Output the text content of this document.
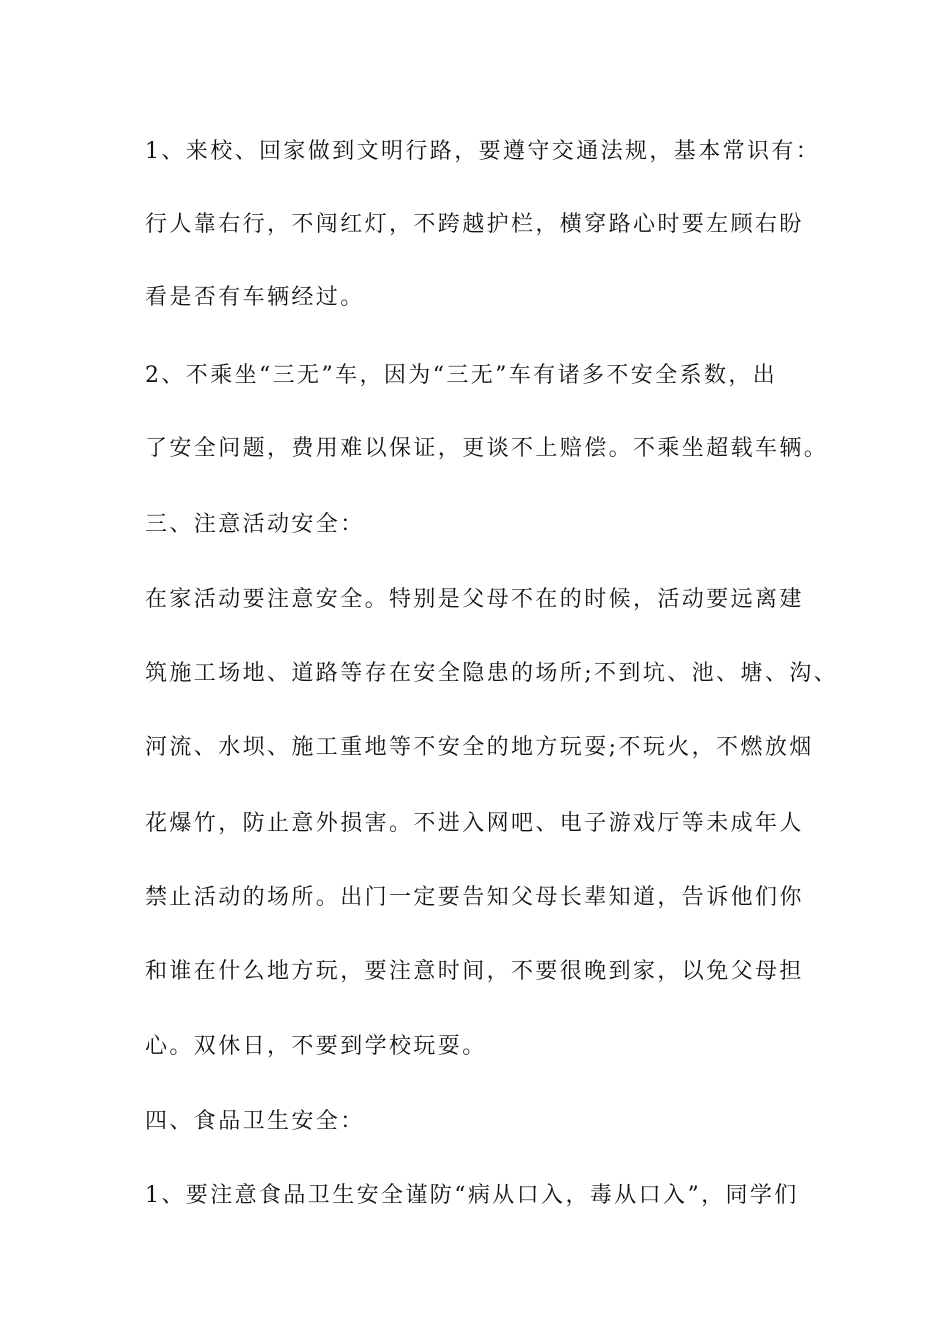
1、来校、回家做到文明行路，要遵守交通法规，基本常识有：
行人靠右行，不闯红灯，不跨越护栏，横穿路心时要左顾右盼
看是否有车辆经过。
2、不乘坐“三无”车，因为“三无”车有诸多不安全系数，出
了安全问题，费用难以保证，更谈不上赔偿。不乘坐超载车辆。
三、注意活动安全：
在家活动要注意安全。特别是父母不在的时候，活动要远离建
筑施工场地、道路等存在安全隐患的场所;不到坑、池、塘、沟、
河流、水坝、施工重地等不安全的地方玩耍;不玩火，不燃放烟
花爆竹，防止意外损害。不进入网吧、电子游戏厅等未成年人
禁止活动的场所。出门一定要告知父母长辈知道，告诉他们你
和谁在什么地方玩，要注意时间，不要很晚到家，以免父母担
心。双休日，不要到学校玩耍。
四、食品卫生安全：
1、要注意食品卫生安全谨防“病从口入，毒从口入”，同学们
